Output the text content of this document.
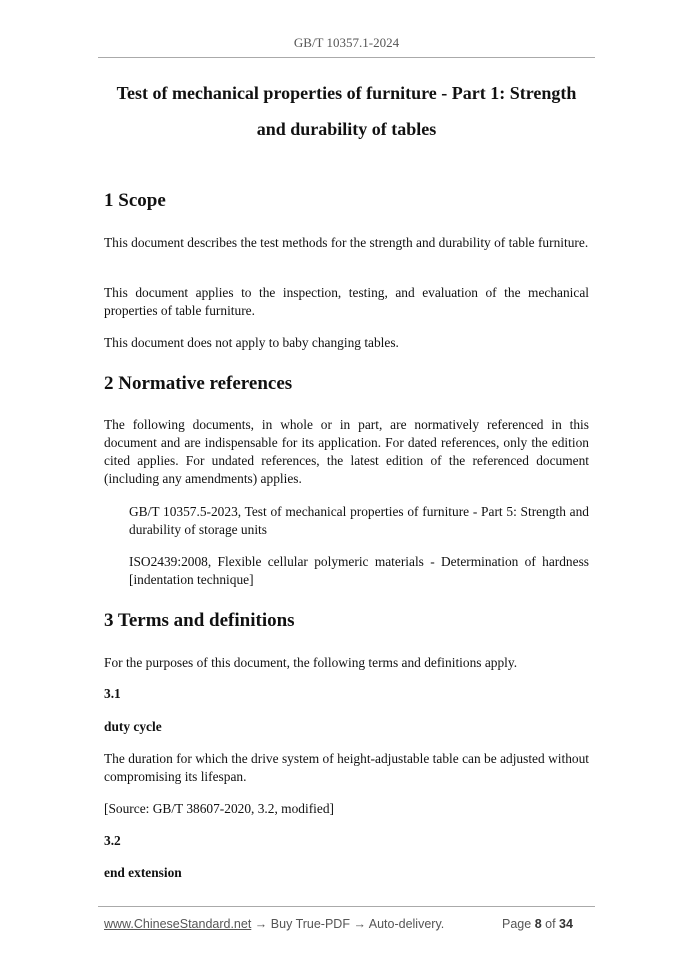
GB/T 10357.1-2024
Test of mechanical properties of furniture - Part 1: Strength
and durability of tables
1 Scope
This document describes the test methods for the strength and durability of table furniture.
This document applies to the inspection, testing, and evaluation of the mechanical properties of table furniture.
This document does not apply to baby changing tables.
2 Normative references
The following documents, in whole or in part, are normatively referenced in this document and are indispensable for its application. For dated references, only the edition cited applies. For undated references, the latest edition of the referenced document (including any amendments) applies.
GB/T 10357.5-2023, Test of mechanical properties of furniture - Part 5: Strength and durability of storage units
ISO2439:2008, Flexible cellular polymeric materials - Determination of hardness [indentation technique]
3 Terms and definitions
For the purposes of this document, the following terms and definitions apply.
3.1
duty cycle
The duration for which the drive system of height-adjustable table can be adjusted without compromising its lifespan.
[Source: GB/T 38607-2020, 3.2, modified]
3.2
end extension
www.ChineseStandard.net → Buy True-PDF → Auto-delivery.	Page 8 of 34
